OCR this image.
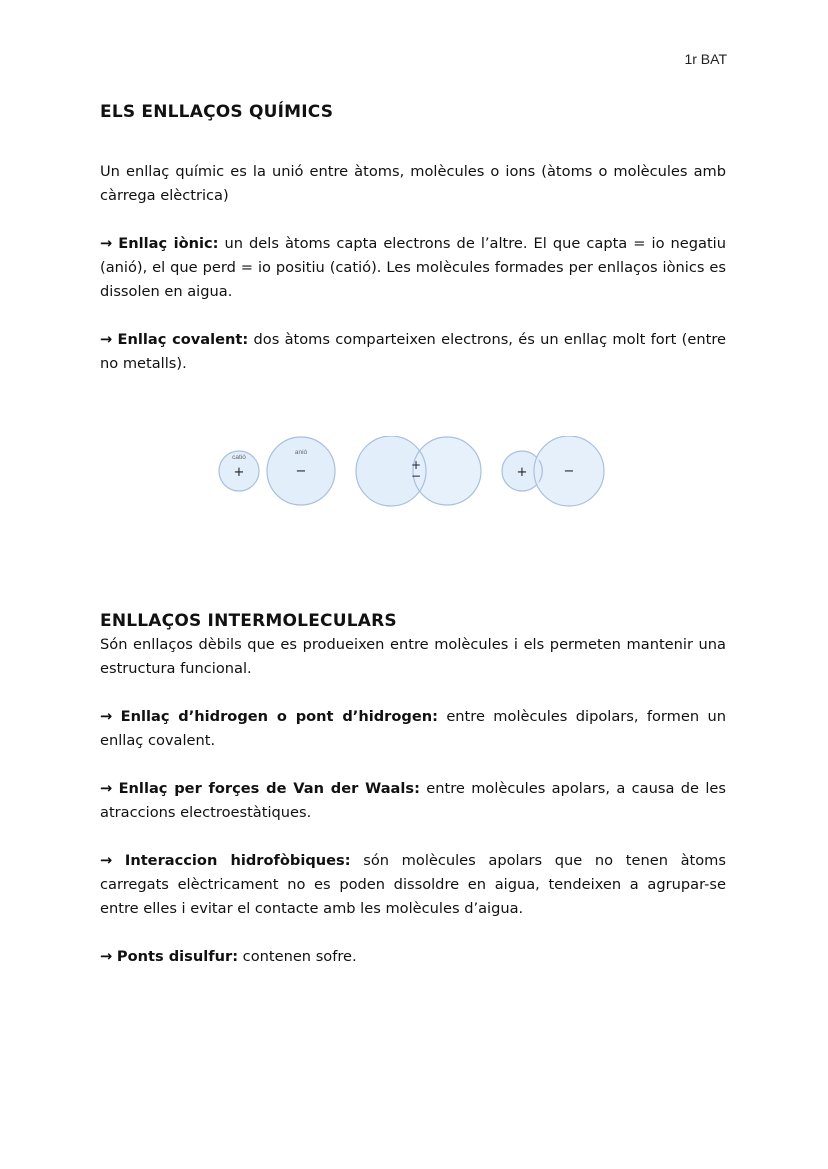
1r BAT
ELS ENLLAÇOS QUÍMICS

Un enllaç químic es la unió entre àtoms, molècules o ions (àtoms o molècules amb càrrega elèctrica)

→ Enllaç iònic: un dels àtoms capta electrons de l’altre. El que capta = io negatiu (anió), el que perd = io positiu (catió). Les molècules formades per enllaços iònics es dissolen en aigua.

→ Enllaç covalent: dos àtoms comparteixen electrons, és un enllaç molt fort (entre no metalls).

catió
+
anió
−	+
−	+	−
ENLLAÇOS INTERMOLECULARS

Són enllaços dèbils que es produeixen entre molècules i els permeten mantenir una estructura funcional.

→ Enllaç d’hidrogen o pont d’hidrogen: entre molècules dipolars, formen un enllaç covalent.

→ Enllaç per forçes de Van der Waals: entre molècules apolars, a causa de les atraccions electroestàtiques.

→ Interaccion hidrofòbiques: són molècules apolars que no tenen àtoms carregats elèctricament no es poden dissoldre en aigua, tendeixen a agrupar-se entre elles i evitar el contacte amb les molècules d’aigua.

→ Ponts disulfur: contenen sofre.
